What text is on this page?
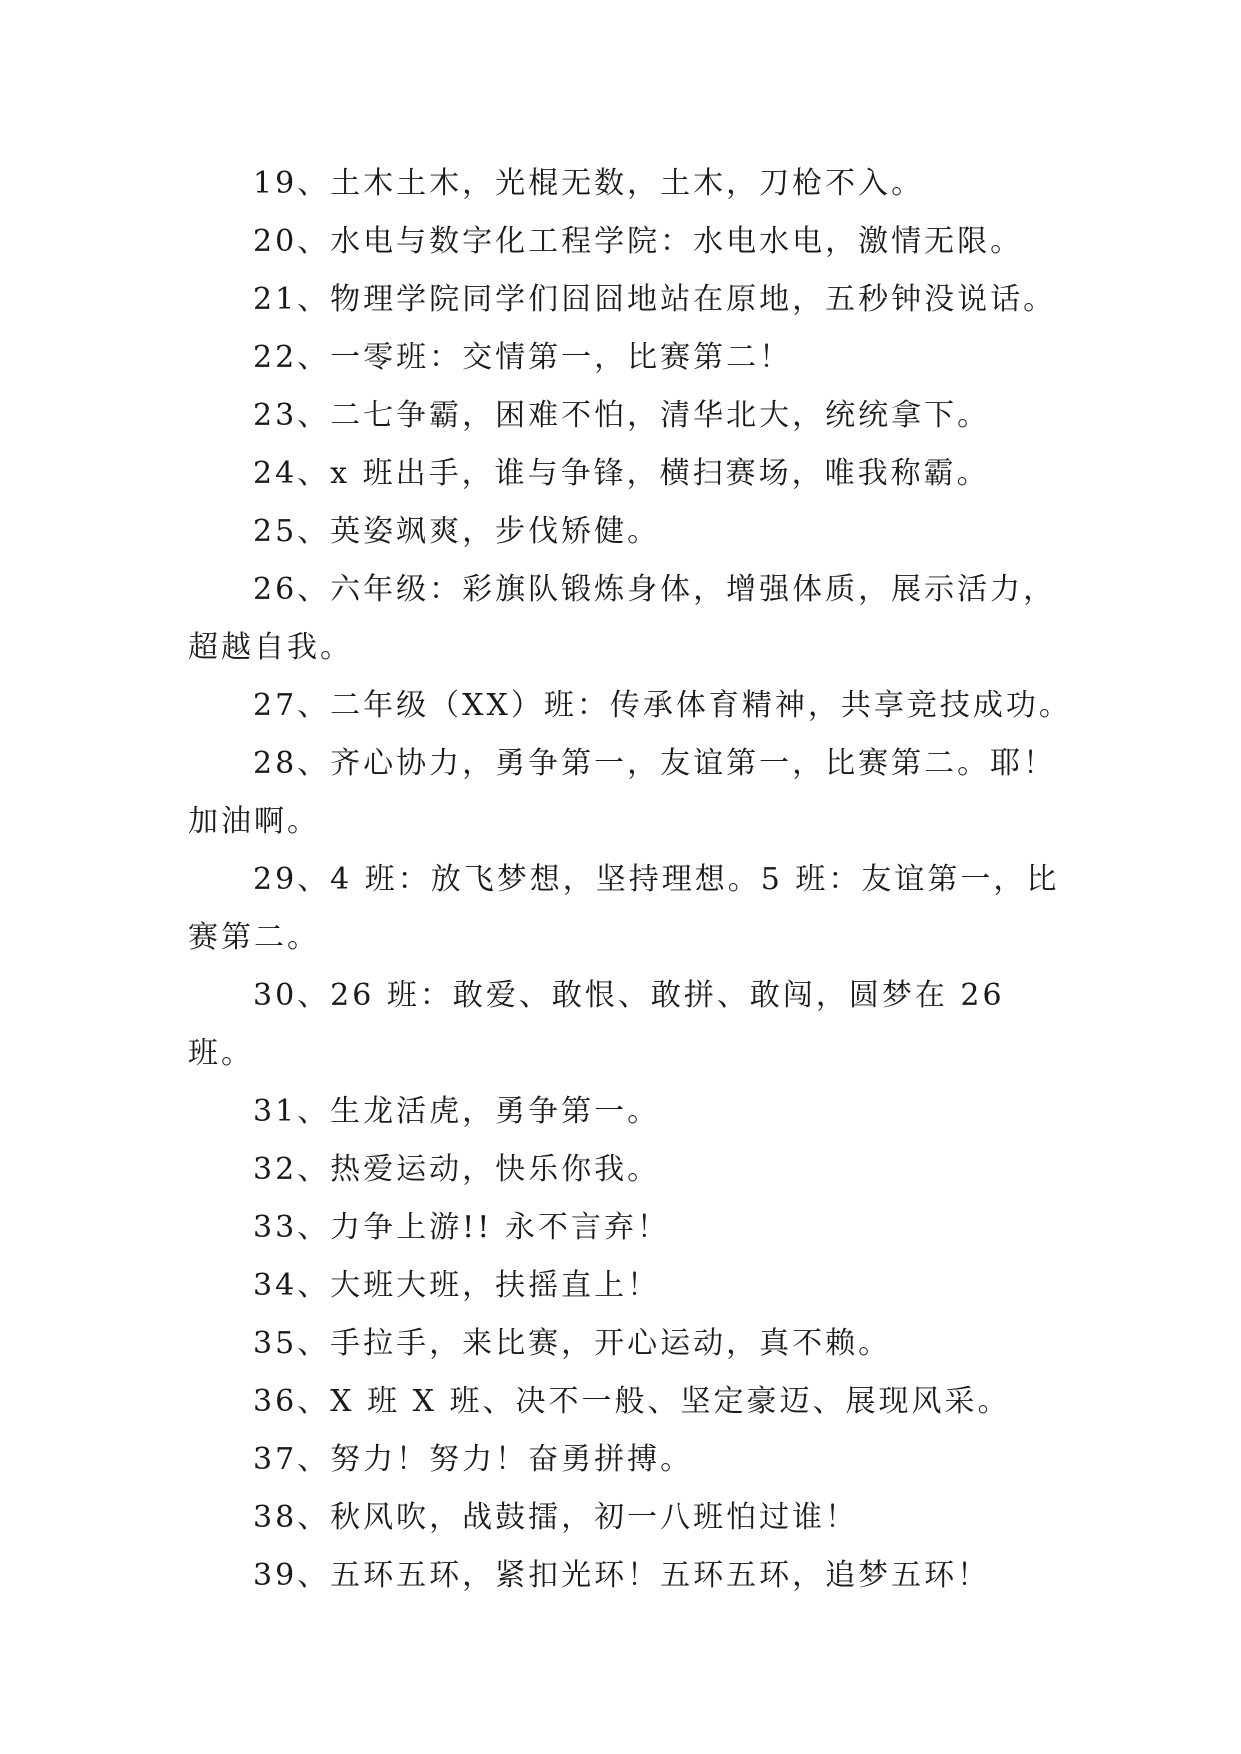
19、土木土木，光棍无数，土木，刀枪不入。

20、水电与数字化工程学院：水电水电，激情无限。

21、物理学院同学们囧囧地站在原地，五秒钟没说话。

22、一零班：交情第一，比赛第二！

23、二七争霸，困难不怕，清华北大，统统拿下。

24、x 班出手，谁与争锋，横扫赛场，唯我称霸。

25、英姿飒爽，步伐矫健。

26、六年级：彩旗队锻炼身体，增强体质，展示活力，超越自我。

27、二年级（XX）班：传承体育精神，共享竞技成功。

28、齐心协力，勇争第一，友谊第一，比赛第二。耶！加油啊。

29、4 班：放飞梦想，坚持理想。5 班：友谊第一，比赛第二。

30、26 班：敢爱、敢恨、敢拼、敢闯，圆梦在 26 班。

31、生龙活虎，勇争第一。

32、热爱运动，快乐你我。

33、力争上游!! 永不言弃！

34、大班大班，扶摇直上！

35、手拉手，来比赛，开心运动，真不赖。

36、X 班 X 班、决不一般、坚定豪迈、展现风采。

37、努力！努力！奋勇拼搏。

38、秋风吹，战鼓擂，初一八班怕过谁！

39、五环五环，紧扣光环！五环五环，追梦五环！
